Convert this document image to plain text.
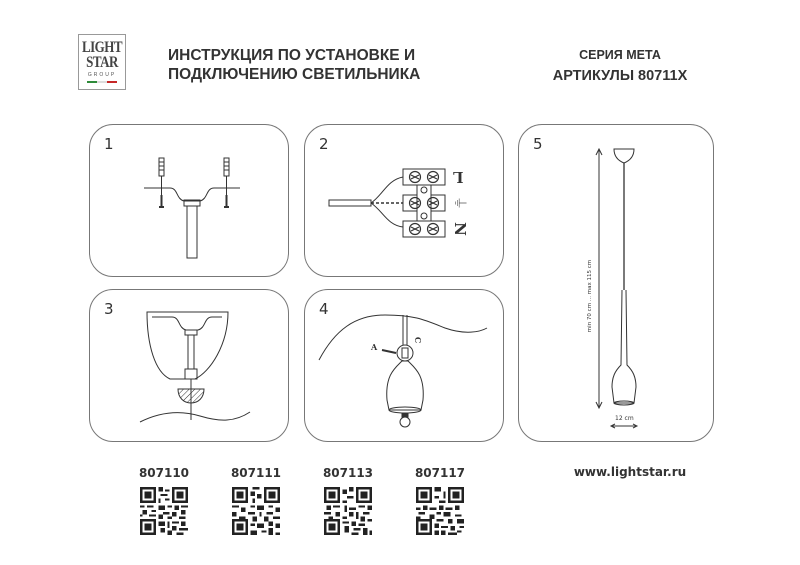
LIGHT
STAR
GROUP
ИНСТРУКЦИЯ ПО УСТАНОВКЕ И
ПОДКЛЮЧЕНИЮ СВЕТИЛЬНИКА
СЕРИЯ МЕТА
АРТИКУЛЫ 80711X
1	2
L
⏚
N
3	4
A
C
5
min 70 cm ... max 115 cm
12 cm
807110	807111	807113	807117	www.lightstar.ru
